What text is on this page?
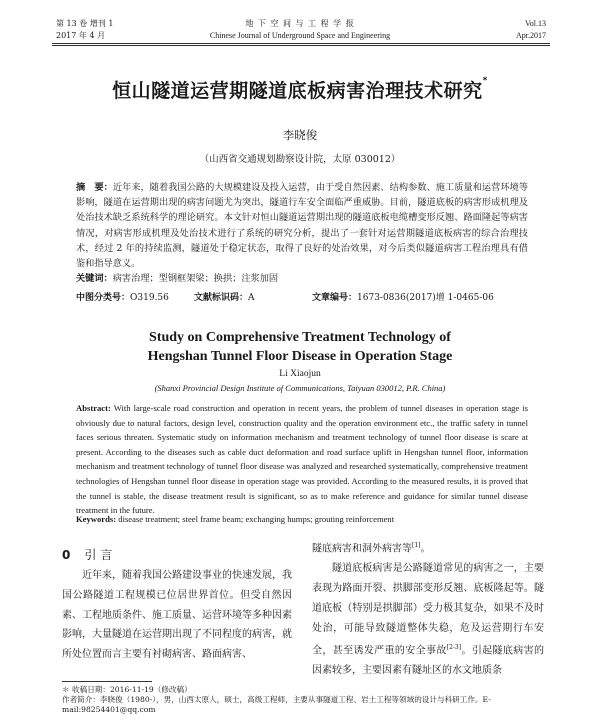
第 13 卷 增刊 1
2017 年 4 月
地 下 空 间 与 工 程 学 报
Chinese Journal of Underground Space and Engineering
Vol.13
Apr.2017
恒山隧道运营期隧道底板病害治理技术研究*
李晓俊
（山西省交通规划勘察设计院，太原 030012）
摘　要：近年来，随着我国公路的大规模建设及投入运营，由于受自然因素、结构参数、施工质量和运营环境等影响，隧道在运营期出现的病害问题尤为突出，隧道行车安全面临严重威胁。目前，隧道底板的病害形成机理及处治技术缺乏系统科学的理论研究。本文针对恒山隧道运营期出现的隧道底板电缆槽变形反翘、路面隆起等病害情况，对病害形成机理及处治技术进行了系统的研究分析，提出了一套针对运营期隧道底板病害的综合治理技术，经过 2 年的持续监测，隧道处于稳定状态，取得了良好的处治效果，对今后类似隧道病害工程治理具有借鉴和指导意义。
关键词：病害治理；型钢框架梁；换拱；注浆加固
中图分类号：O319.56	文献标识码：A	文章编号：1673-0836(2017)增 1-0465-06
Study on Comprehensive Treatment Technology of Hengshan Tunnel Floor Disease in Operation Stage
Li Xiaojun
(Shanxi Provincial Design Institute of Communications, Taiyuan 030012, P.R. China)
Abstract: With large-scale road construction and operation in recent years, the problem of tunnel diseases in operation stage is obviously due to natural factors, design level, construction quality and the operation environment etc., the traffic safety in tunnel faces serious threaten. Systematic study on information mechanism and treatment technology of tunnel floor disease is scare at present. According to the diseases such as cable duct deformation and road surface uplift in Hengshan tunnel floor, information mechanism and treatment technology of tunnel floor disease was analyzed and researched systematically, comprehensive treatment technologies of Hengshan tunnel floor disease in operation stage was provided. According to the measured results, it is proved that the tunnel is stable, the disease treatment result is significant, so as to make reference and guidance for similar tunnel disease treatment in the future.
Keywords: disease treatment; steel frame beam; exchanging humps; grouting reinforcement
0 引言
近年来，随着我国公路建设事业的快速发展，我国公路隧道工程规模已位居世界首位。但受自然因素、工程地质条件、施工质量、运营环境等多种因素影响，大量隧道在运营期出现了不同程度的病害，就所处位置而言主要有衬砌病害、路面病害、
隧底病害和洞外病害等[1]。
隧道底板病害是公路隧道常见的病害之一，主要表现为路面开裂、拱脚部变形反翘、底板隆起等。隧道底板（特别是拱脚部）受力极其复杂，如果不及时处治，可能导致隧道整体失稳，危及运营期行车安全，甚至诱发严重的安全事故[2-3]。引起隧底病害的因素较多，主要因素有隧址区的水文地质条
＊ 收稿日期：2016-11-19（修改稿）
作者简介：李晓俊（1980-），男，山西太原人，硕士，高级工程师，主要从事隧道工程、岩土工程等领域的设计与科研工作。E-mail:98254401@qq.com
